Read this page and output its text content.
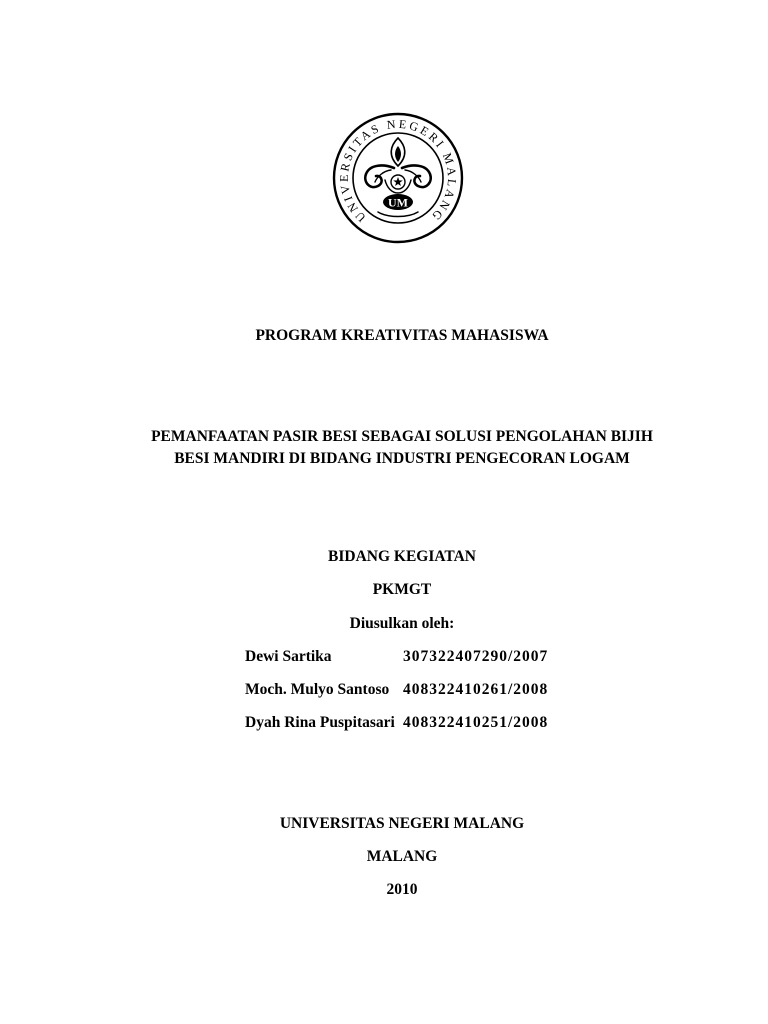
UNIVERSITAS NEGERI MALANG
UM
PROGRAM KREATIVITAS MAHASISWA
PEMANFAATAN PASIR BESI SEBAGAI SOLUSI PENGOLAHAN BIJIH
BESI MANDIRI DI BIDANG INDUSTRI PENGECORAN LOGAM
BIDANG KEGIATAN
PKMGT
Diusulkan oleh:
Dewi Sartika	307322407290/2007
Moch. Mulyo Santoso 408322410261/2008
Dyah Rina Puspitasari 408322410251/2008
UNIVERSITAS NEGERI MALANG
MALANG
2010
